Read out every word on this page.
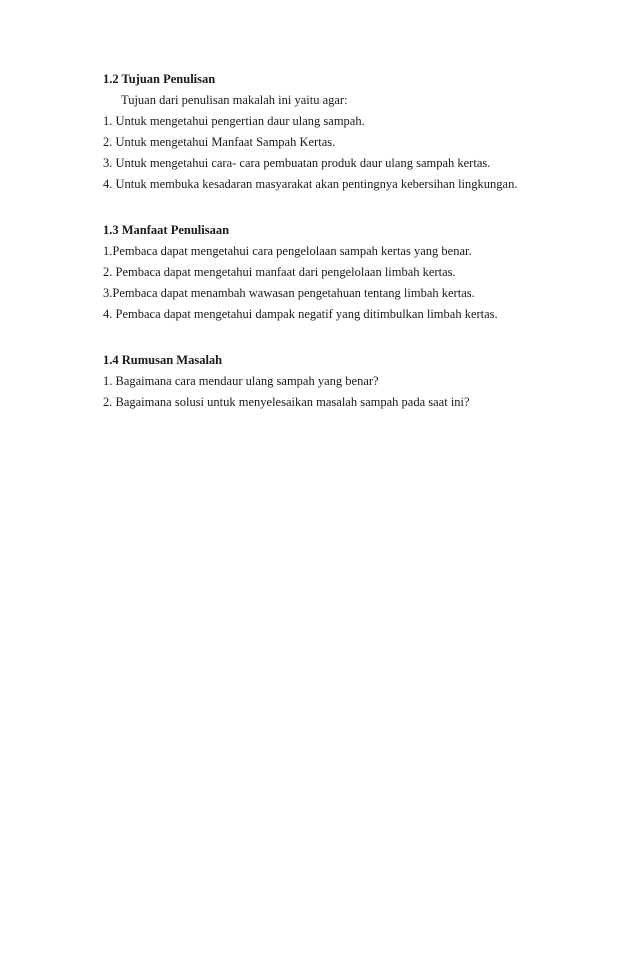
1.2 Tujuan Penulisan

Tujuan dari penulisan makalah ini yaitu agar:

1. Untuk mengetahui pengertian daur ulang sampah.

2. Untuk mengetahui Manfaat Sampah Kertas.

3. Untuk mengetahui cara- cara pembuatan produk daur ulang sampah kertas.

4. Untuk membuka kesadaran masyarakat akan pentingnya kebersihan lingkungan.

1.3 Manfaat Penulisaan

1.Pembaca dapat mengetahui cara pengelolaan sampah kertas yang benar.

2. Pembaca dapat mengetahui manfaat dari pengelolaan limbah kertas.

3.Pembaca dapat menambah wawasan pengetahuan tentang limbah kertas.

4. Pembaca dapat mengetahui dampak negatif yang ditimbulkan limbah kertas.

1.4 Rumusan Masalah

1. Bagaimana cara mendaur ulang sampah yang benar?

2. Bagaimana solusi untuk menyelesaikan masalah sampah pada saat ini?
